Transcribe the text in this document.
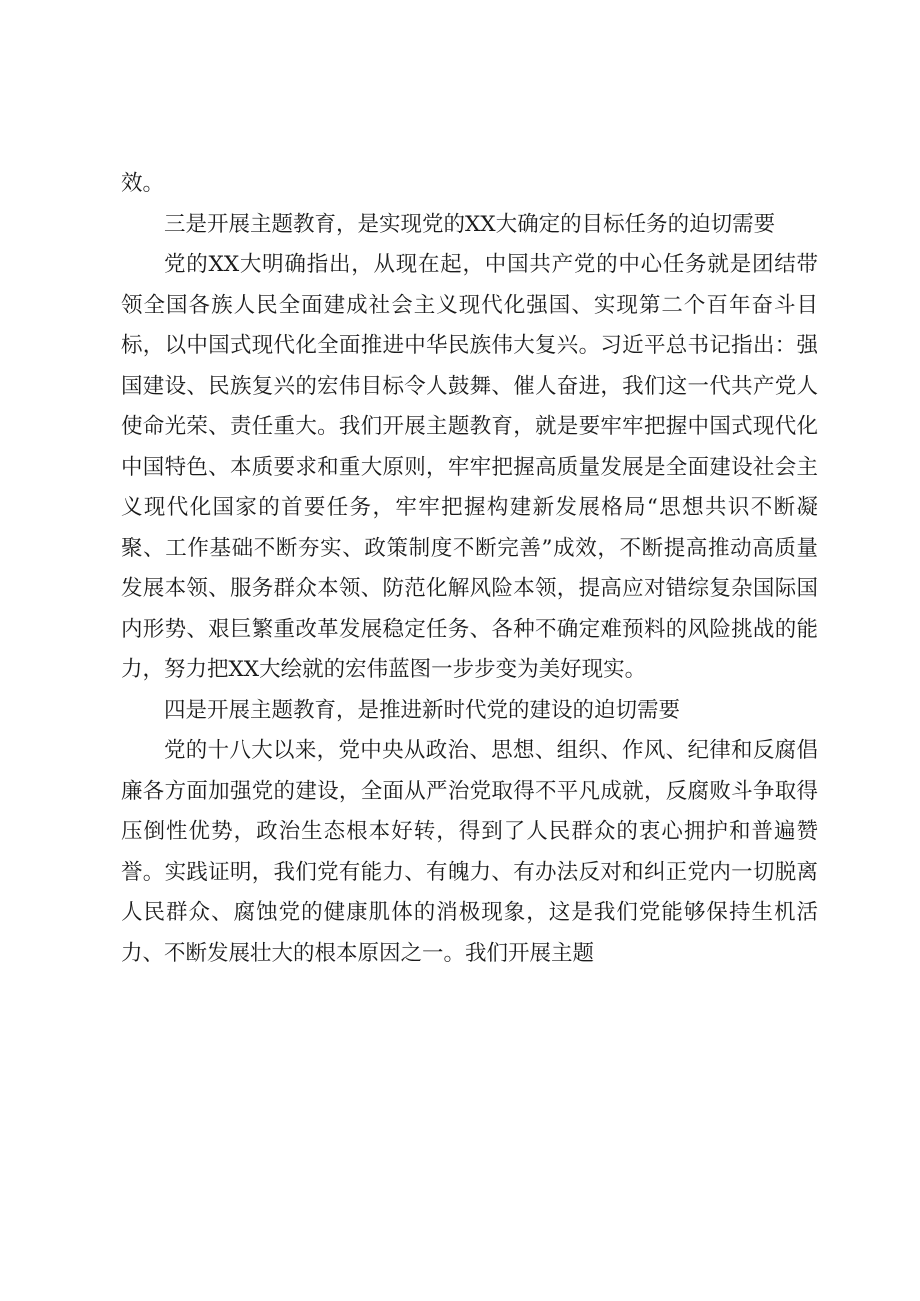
效。

三是开展主题教育，是实现党的XX大确定的目标任务的迫切需要

党的XX大明确指出，从现在起，中国共产党的中心任务就是团结带领全国各族人民全面建成社会主义现代化强国、实现第二个百年奋斗目标，以中国式现代化全面推进中华民族伟大复兴。习近平总书记指出：强国建设、民族复兴的宏伟目标令人鼓舞、催人奋进，我们这一代共产党人使命光荣、责任重大。我们开展主题教育，就是要牢牢把握中国式现代化中国特色、本质要求和重大原则，牢牢把握高质量发展是全面建设社会主义现代化国家的首要任务，牢牢把握构建新发展格局“思想共识不断凝聚、工作基础不断夯实、政策制度不断完善”成效，不断提高推动高质量发展本领、服务群众本领、防范化解风险本领，提高应对错综复杂国际国内形势、艰巨繁重改革发展稳定任务、各种不确定难预料的风险挑战的能力，努力把XX大绘就的宏伟蓝图一步步变为美好现实。

四是开展主题教育，是推进新时代党的建设的迫切需要

党的十八大以来，党中央从政治、思想、组织、作风、纪律和反腐倡廉各方面加强党的建设，全面从严治党取得不平凡成就，反腐败斗争取得压倒性优势，政治生态根本好转，得到了人民群众的衷心拥护和普遍赞誉。实践证明，我们党有能力、有魄力、有办法反对和纠正党内一切脱离人民群众、腐蚀党的健康肌体的消极现象，这是我们党能够保持生机活力、不断发展壮大的根本原因之一。我们开展主题
